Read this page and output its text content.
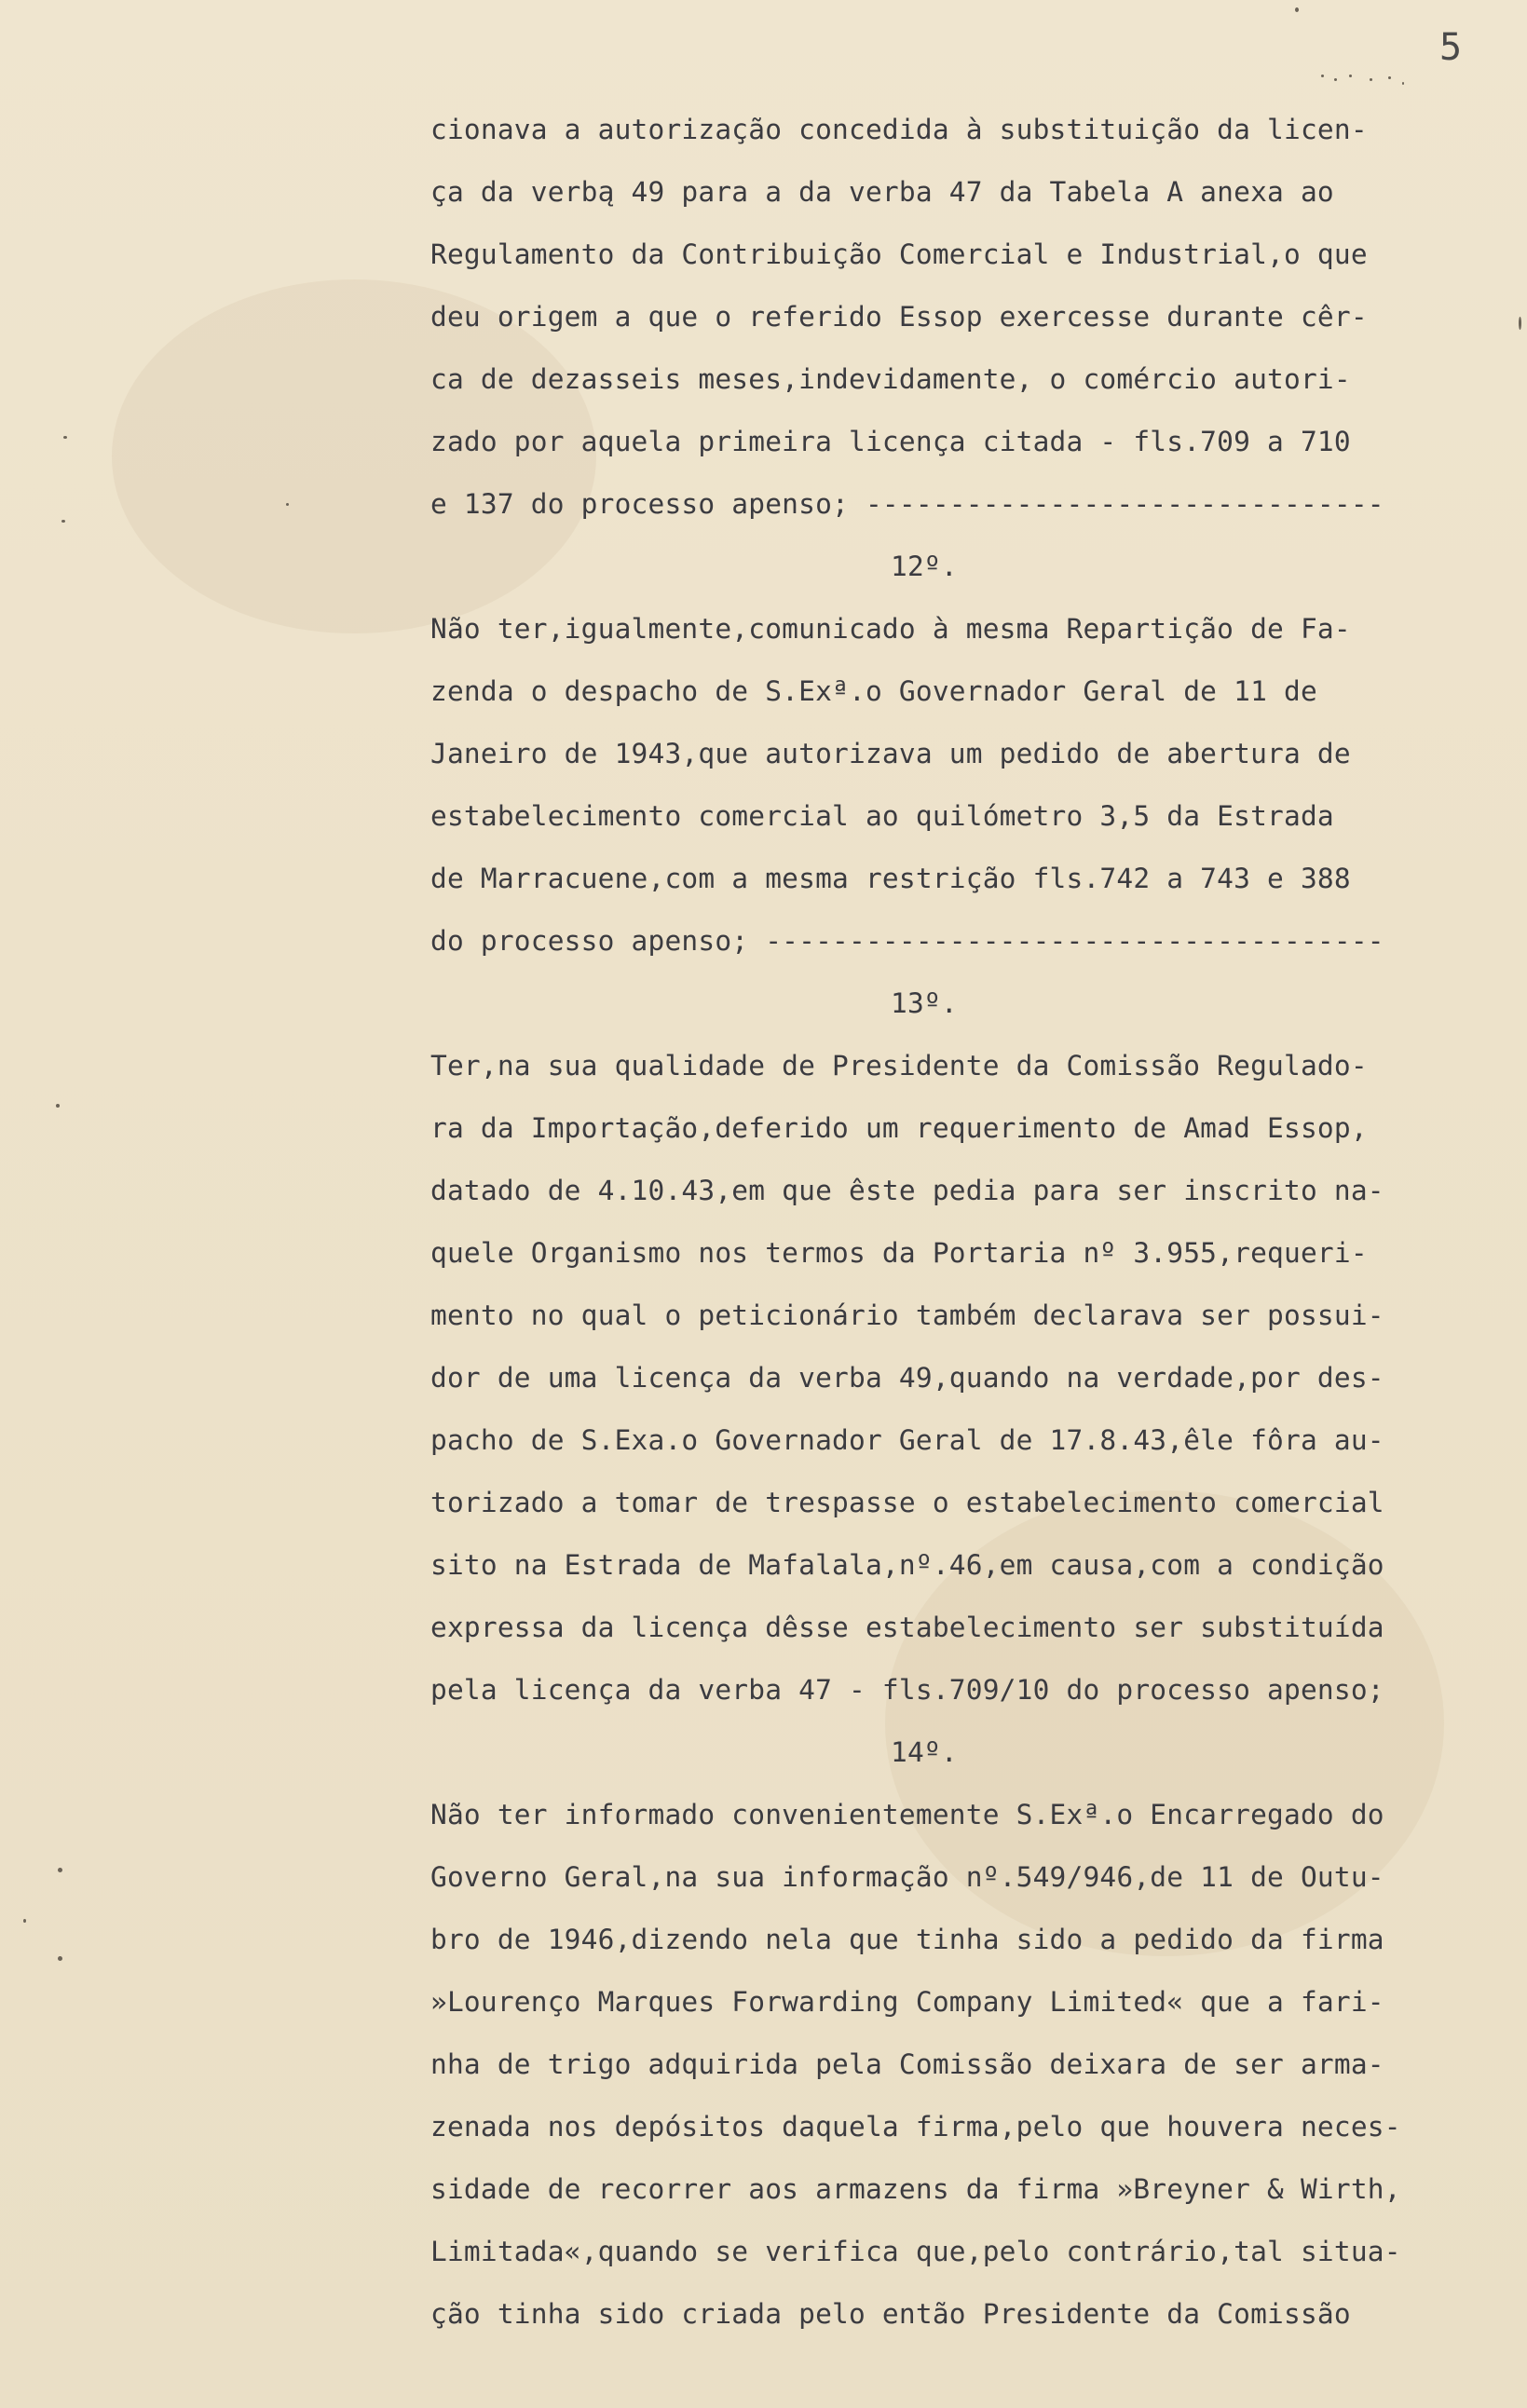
5
cionava a autorização concedida à substituição da licen-
ça da verbą 49 para a da verba 47 da Tabela A anexa ao
Regulamento da Contribuição Comercial e Industrial,o que
deu origem a que o referido Essop exercesse durante cêr-
ca de dezasseis meses,indevidamente, o comércio autori-
zado por aquela primeira licença citada - fls.709 a 710
e 137 do processo apenso; -------------------------------
12º.
Não ter,igualmente,comunicado à mesma Repartição de Fa-
zenda o despacho de S.Exª.o Governador Geral de 11 de
Janeiro de 1943,que autorizava um pedido de abertura de
estabelecimento comercial ao quilómetro 3,5 da Estrada
de Marracuene,com a mesma restrição fls.742 a 743 e 388
do processo apenso; -------------------------------------
13º.
Ter,na sua qualidade de Presidente da Comissão Regulado-
ra da Importação,deferido um requerimento de Amad Essop,
datado de 4.10.43,em que êste pedia para ser inscrito na-
quele Organismo nos termos da Portaria nº 3.955,requeri-
mento no qual o peticionário também declarava ser possui-
dor de uma licença da verba 49,quando na verdade,por des-
pacho de S.Exa.o Governador Geral de 17.8.43,êle fôra au-
torizado a tomar de trespasse o estabelecimento comercial
sito na Estrada de Mafalala,nº.46,em causa,com a condição
expressa da licença dêsse estabelecimento ser substituída
pela licença da verba 47 - fls.709/10 do processo apenso;
14º.
Não ter informado convenientemente S.Exª.o Encarregado do
Governo Geral,na sua informação nº.549/946,de 11 de Outu-
bro de 1946,dizendo nela que tinha sido a pedido da firma
»Lourenço Marques Forwarding Company Limited« que a fari-
nha de trigo adquirida pela Comissão deixara de ser arma-
zenada nos depósitos daquela firma,pelo que houvera neces-
sidade de recorrer aos armazens da firma »Breyner & Wirth,
Limitada«,quando se verifica que,pelo contrário,tal situa-
ção tinha sido criada pelo então Presidente da Comissão
